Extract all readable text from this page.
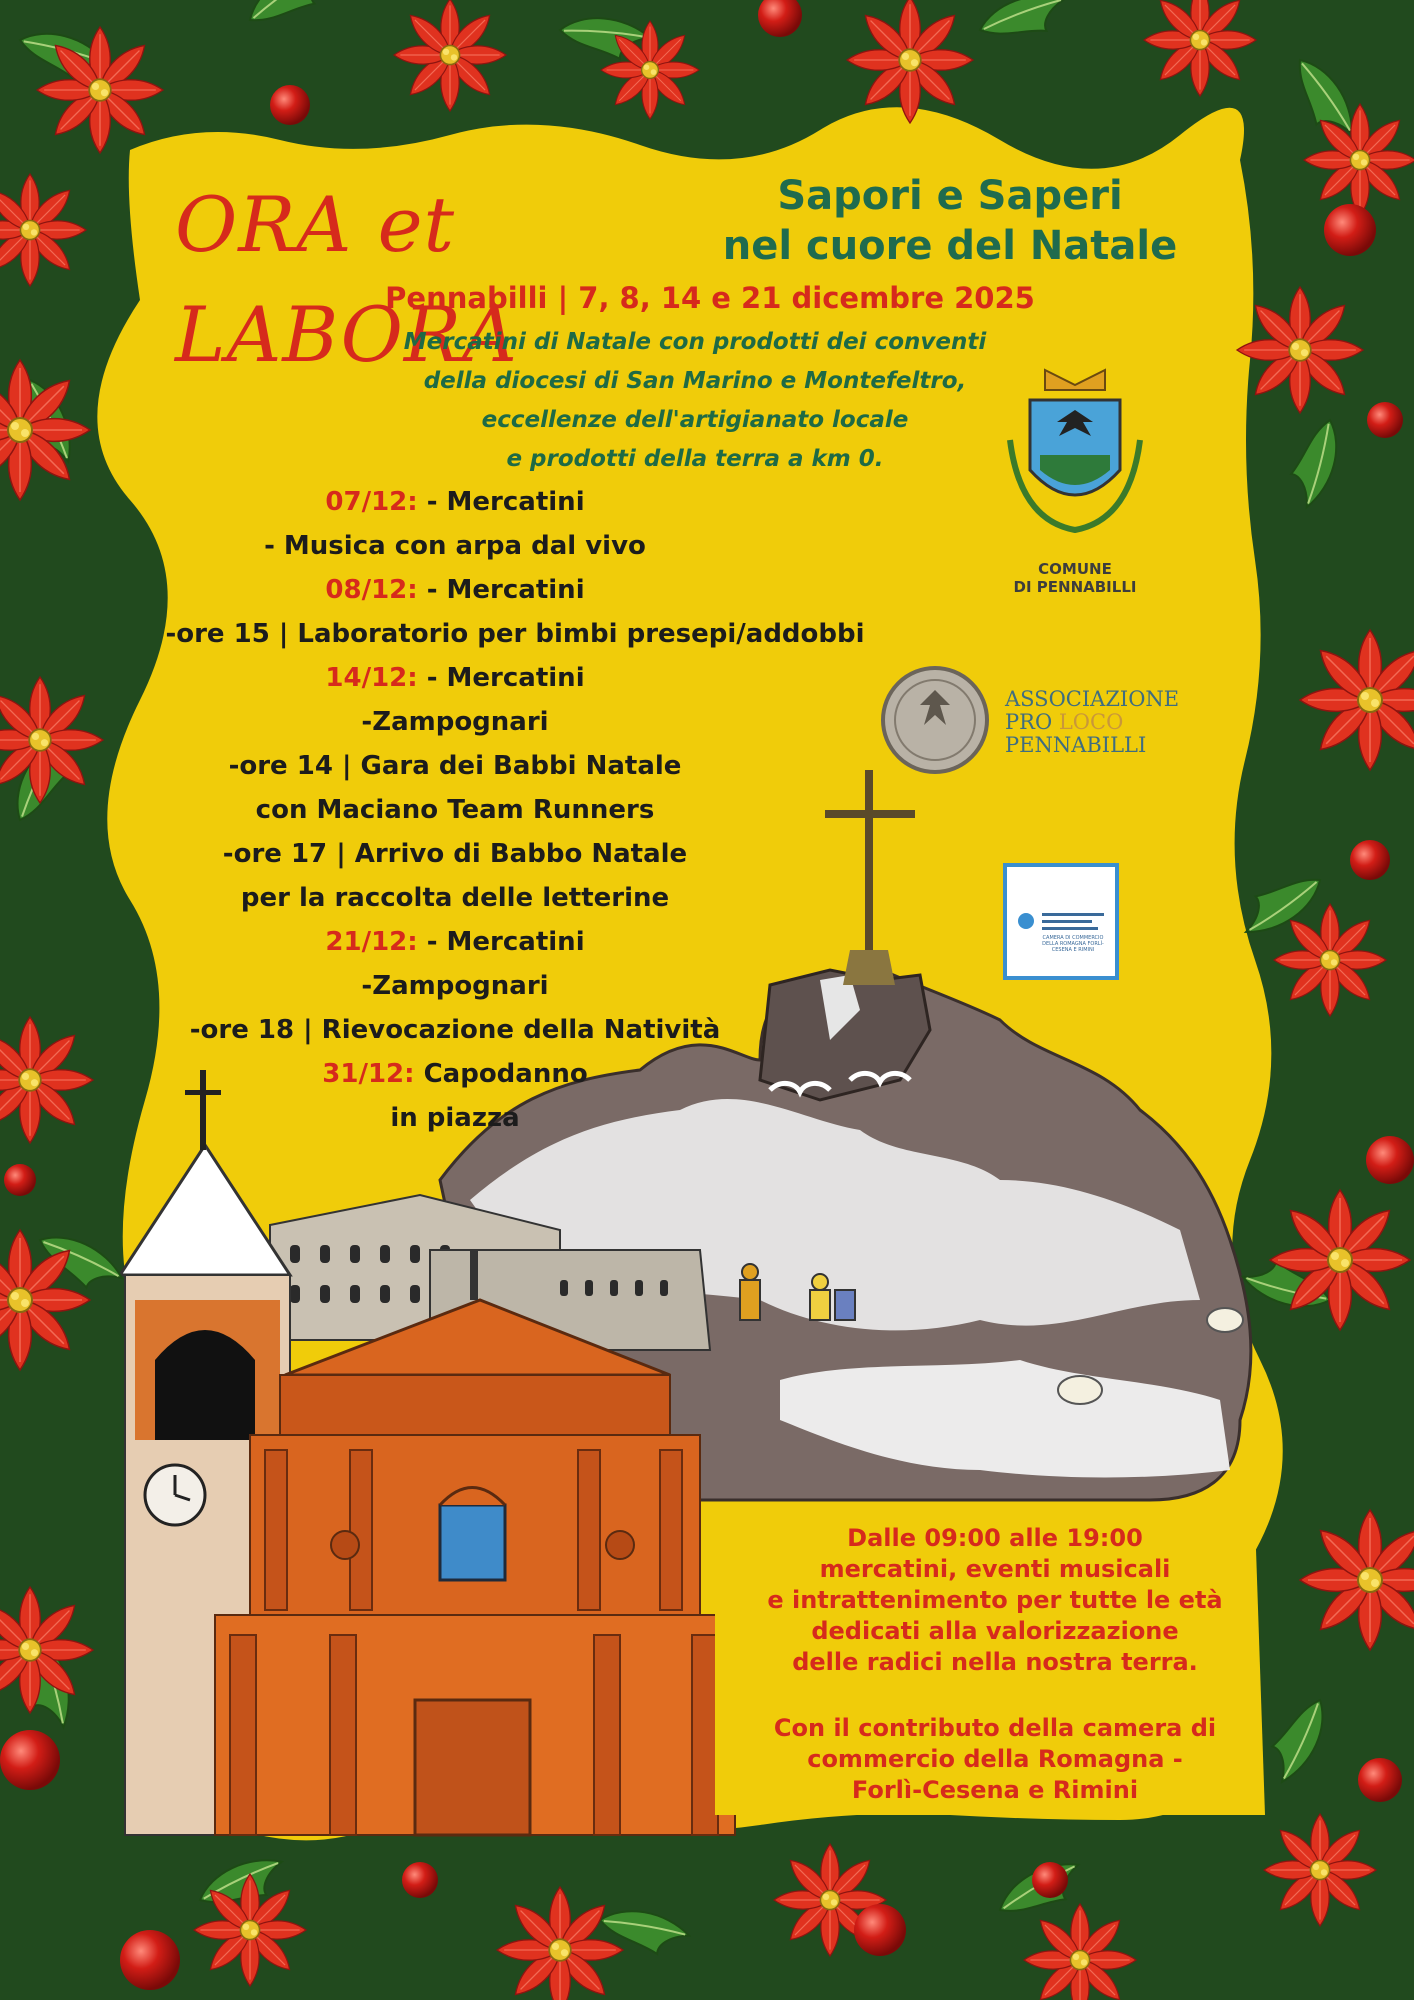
ORA et LABORA
Sapori e Saperi
nel cuore del Natale
Pennabilli | 7, 8, 14 e 21 dicembre 2025
Mercatini di Natale con prodotti dei conventi
della diocesi di San Marino e Montefeltro,
eccellenze dell'artigianato locale
e prodotti della terra a km 0.
07/12: - Mercatini
- Musica con arpa dal vivo
08/12: - Mercatini
-ore 15 | Laboratorio per bimbi presepi/addobbi
14/12: - Mercatini
-Zampognari
-ore 14 | Gara dei Babbi Natale
con Maciano Team Runners
-ore 17 | Arrivo di Babbo Natale
per la raccolta delle letterine
21/12: - Mercatini
-Zampognari
-ore 18 | Rievocazione della Natività
31/12: Capodanno
in piazza
COMUNE
DI PENNABILLI
ASSOCIAZIONE
PRO LOCO
PENNABILLI
CAMERA DI COMMERCIO DELLA ROMAGNA FORLÌ-CESENA E RIMINI
Dalle 09:00 alle 19:00
mercatini, eventi musicali
e intrattenimento per tutte le età
dedicati alla valorizzazione
delle radici nella nostra terra.
Con il contributo della camera di
commercio della Romagna -
Forlì-Cesena e Rimini
